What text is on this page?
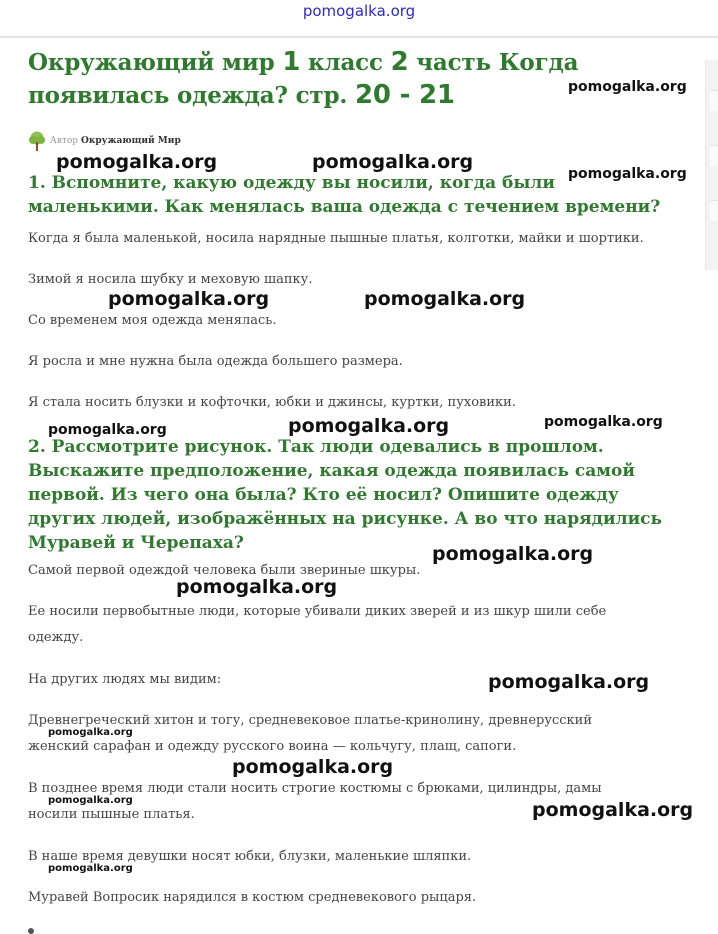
pomogalka.org
Окружающий мир 1 класс 2 часть Когда появилась одежда? стр. 20 - 21
Автор Окружающий Мир
1. Вспомните, какую одежду вы носили, когда были маленькими. Как менялась ваша одежда с течением времени?

Когда я была маленькой, носила нарядные пышные платья, колготки, майки и шортики.

Зимой я носила шубку и меховую шапку.

Со временем моя одежда менялась.

Я росла и мне нужна была одежда большего размера.

Я стала носить блузки и кофточки, юбки и джинсы, куртки, пуховики.

2. Рассмотрите рисунок. Так люди одевались в прошлом. Выскажите предположение, какая одежда появилась самой первой. Из чего она была? Кто её носил? Опишите одежду других людей, изображённых на рисунке. А во что нарядились Муравей и Черепаха?

Самой первой одеждой человека были звериные шкуры.

Ее носили первобытные люди, которые убивали диких зверей и из шкур шили себе одежду.

На других людях мы видим:

Древнегреческий хитон и тогу, средневековое платье-кринолину, древнерусский женский сарафан и одежду русского воина — кольчугу, плащ, сапоги.

В позднее время люди стали носить строгие костюмы с брюками, цилиндры, дамы носили пышные платья.

В наше время девушки носят юбки, блузки, маленькие шляпки.

Муравей Вопросик нарядился в костюм средневекового рыцаря.

pomogalka.org
pomogalka.org	pomogalka.org
pomogalka.org
pomogalka.org	pomogalka.org
pomogalka.org	pomogalka.org	pomogalka.org
pomogalka.org
pomogalka.org
pomogalka.org
pomogalka.org
pomogalka.org
pomogalka.org	pomogalka.org
pomogalka.org
